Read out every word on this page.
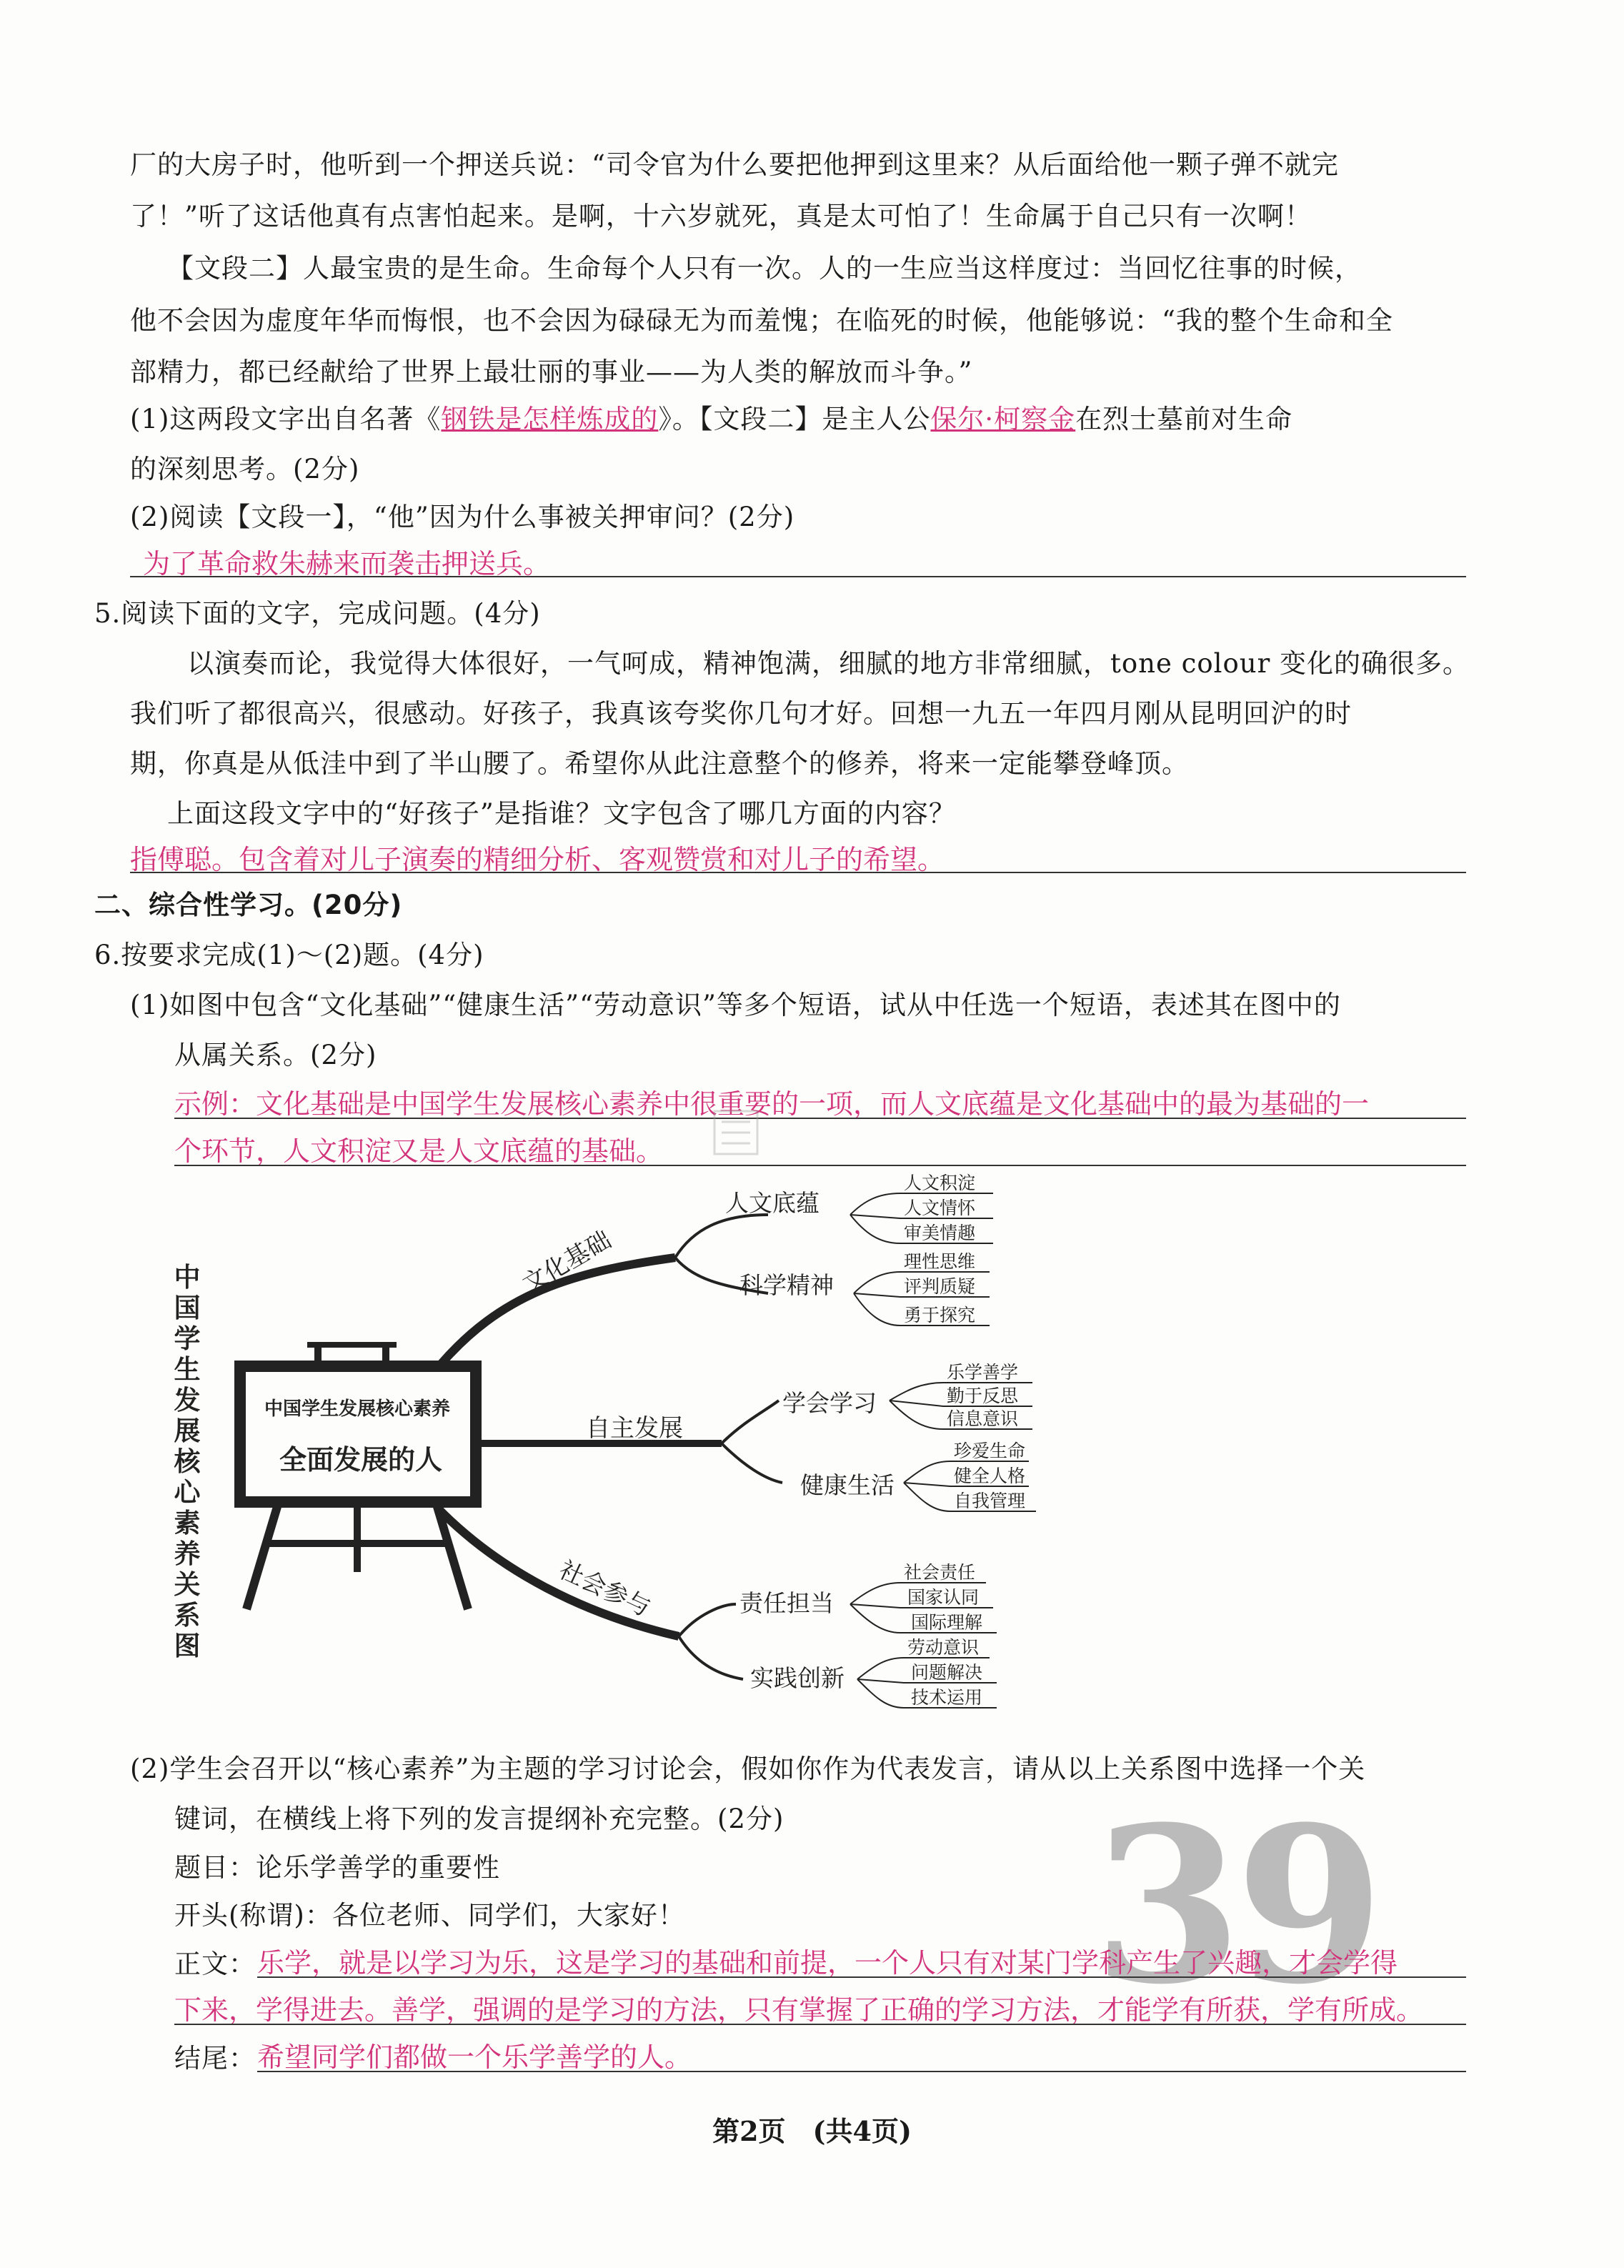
厂的大房子时，他听到一个押送兵说：“司令官为什么要把他押到这里来？从后面给他一颗子弹不就完
了！”听了这话他真有点害怕起来。是啊，十六岁就死，真是太可怕了！生命属于自己只有一次啊！
【文段二】人最宝贵的是生命。生命每个人只有一次。人的一生应当这样度过：当回忆往事的时候，
他不会因为虚度年华而悔恨，也不会因为碌碌无为而羞愧；在临死的时候，他能够说：“我的整个生命和全
部精力，都已经献给了世界上最壮丽的事业——为人类的解放而斗争。”
(1)这两段文字出自名著《钢铁是怎样炼成的》。【文段二】是主人公保尔·柯察金在烈士墓前对生命
的深刻思考。(2分)
(2)阅读【文段一】，“他”因为什么事被关押审问？(2分)
为了革命救朱赫来而袭击押送兵。
5.阅读下面的文字，完成问题。(4分)
以演奏而论，我觉得大体很好，一气呵成，精神饱满，细腻的地方非常细腻，tone colour 变化的确很多。
我们听了都很高兴，很感动。好孩子，我真该夸奖你几句才好。回想一九五一年四月刚从昆明回沪的时
期，你真是从低洼中到了半山腰了。希望你从此注意整个的修养，将来一定能攀登峰顶。
上面这段文字中的“好孩子”是指谁？文字包含了哪几方面的内容？
指傅聪。包含着对儿子演奏的精细分析、客观赞赏和对儿子的希望。
二、综合性学习。(20分)
6.按要求完成(1)～(2)题。(4分)
(1)如图中包含“文化基础”“健康生活”“劳动意识”等多个短语，试从中任选一个短语，表述其在图中的
从属关系。(2分)
示例：文化基础是中国学生发展核心素养中很重要的一项，而人文底蕴是文化基础中的最为基础的一
个环节，人文积淀又是人文底蕴的基础。
中
国
学
生
发
展
核
心
素
养
关
系
图
中国学生发展核心素养
全面发展的人
文化基础
自主发展
社会参与
人文底蕴
科学精神
学会学习
健康生活
责任担当
实践创新
人文积淀
人文情怀
审美情趣
理性思维
评判质疑
勇于探究
乐学善学
勤于反思
信息意识
珍爱生命
健全人格
自我管理
社会责任
国家认同
国际理解
劳动意识
问题解决
技术运用
(2)学生会召开以“核心素养”为主题的学习讨论会，假如你作为代表发言，请从以上关系图中选择一个关
键词，在横线上将下列的发言提纲补充完整。(2分)
题目：论乐学善学的重要性	39
开头(称谓)：各位老师、同学们，大家好！
正文： 乐学，就是以学习为乐，这是学习的基础和前提，一个人只有对某门学科产生了兴趣，才会学得
下来，学得进去。善学，强调的是学习的方法，只有掌握了正确的学习方法，才能学有所获，学有所成。
结尾： 希望同学们都做一个乐学善学的人。
第2页　(共4页)
